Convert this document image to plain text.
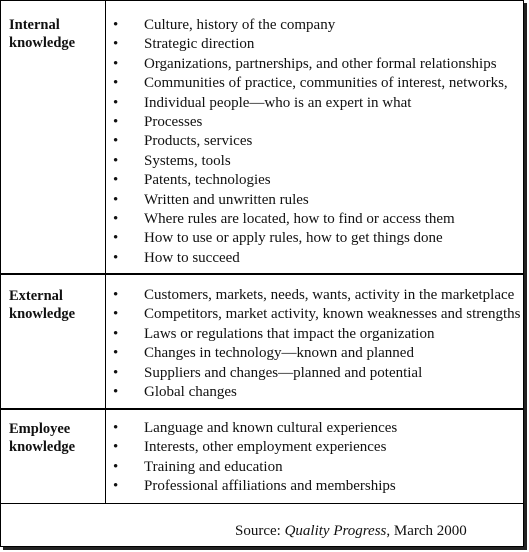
Internal
knowledge
• Culture, history of the company
• Strategic direction
• Organizations, partnerships, and other formal relationships
• Communities of practice, communities of interest, networks,
• Individual people—who is an expert in what
• Processes
• Products, services
• Systems, tools
• Patents, technologies
• Written and unwritten rules
• Where rules are located, how to find or access them
• How to use or apply rules, how to get things done
• How to succeed
External
knowledge
• Customers, markets, needs, wants, activity in the marketplace
• Competitors, market activity, known weaknesses and strengths
• Laws or regulations that impact the organization
• Changes in technology—known and planned
• Suppliers and changes—planned and potential
• Global changes
Employee
knowledge
• Language and known cultural experiences
• Interests, other employment experiences
• Training and education
• Professional affiliations and memberships
Source: Quality Progress, March 2000
